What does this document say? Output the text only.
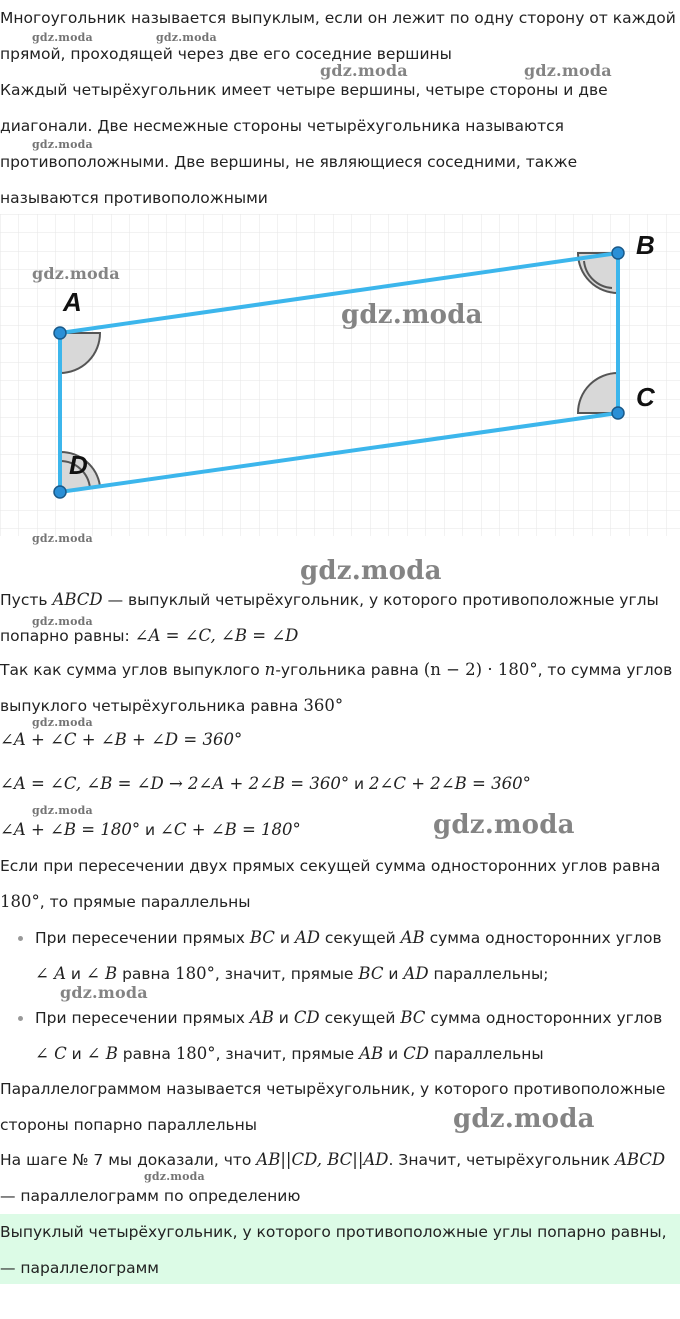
Многоугольник называется выпуклым, если он лежит по одну сторону от каждой прямой, проходящей через две его соседние вершины

Каждый четырёхугольник имеет четыре вершины, четыре стороны и две диагонали. Две несмежные стороны четырёхугольника называются противоположными. Две вершины, не являющиеся соседними, также называются противоположными

A
B
C
D

Пусть ABCD — выпуклый четырёхугольник, у которого противоположные углы попарно равны: ∠A = ∠C, ∠B = ∠D

Так как сумма углов выпуклого n-угольника равна (n − 2) · 180°, то сумма углов выпуклого четырёхугольника равна 360°

∠A + ∠C + ∠B + ∠D = 360°

∠A = ∠C, ∠B = ∠D → 2∠A + 2∠B = 360° и 2∠C + 2∠B = 360°

∠A + ∠B = 180° и ∠C + ∠B = 180°

Если при пересечении двух прямых секущей сумма односторонних углов равна 180°, то прямые параллельны

При пересечении прямых BC и AD секущей AB сумма односторонних углов ∠ A и ∠ B равна 180°, значит, прямые BC и AD параллельны;
При пересечении прямых AB и CD секущей BC сумма односторонних углов ∠ C и ∠ B равна 180°, значит, прямые AB и CD параллельны

Параллелограммом называется четырёхугольник, у которого противоположные стороны попарно параллельны

На шаге № 7 мы доказали, что AB||CD, BC||AD. Значит, четырёхугольник ABCD — параллелограмм по определению

Выпуклый четырёхугольник, у которого противоположные углы попарно равны, — параллелограмм
gdz.moda	gdz.moda
gdz.moda	gdz.moda
gdz.moda
gdz.moda
gdz.moda
gdz.moda
gdz.moda
gdz.moda
gdz.moda
gdz.moda	gdz.moda
gdz.moda
gdz.moda
gdz.moda
